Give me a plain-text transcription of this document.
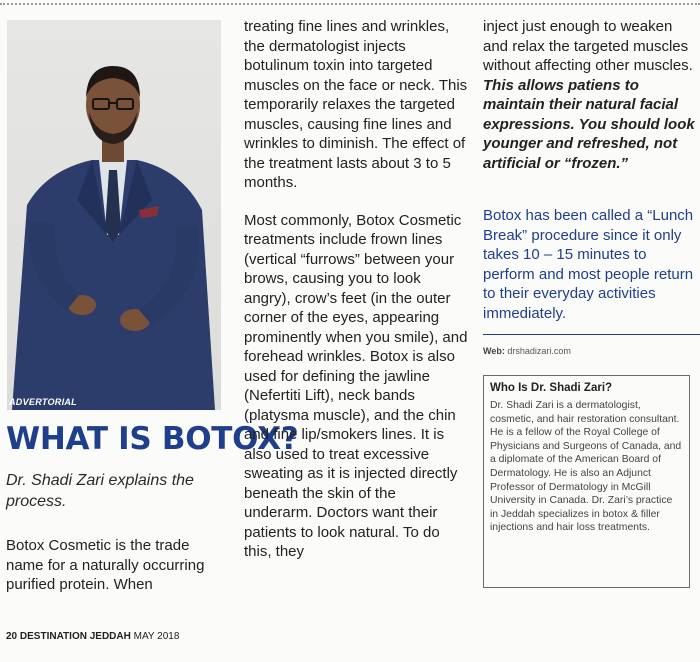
ADVERTORIAL
WHAT IS BOTOX?
Dr. Shadi Zari explains the process.
Botox Cosmetic is the trade name for a naturally occurring purified protein. When

treating fine lines and wrinkles, the dermatologist injects botulinum toxin into targeted muscles on the face or neck. This temporarily relaxes the targeted muscles, causing fine lines and wrinkles to diminish. The effect of the treatment lasts about 3 to 5 months.

Most commonly, Botox Cosmetic treatments include frown lines (vertical “furrows” between your brows, causing you to look angry), crow’s feet (in the outer corner of the eyes, appearing prominently when you smile), and forehead wrinkles. Botox is also used for defining the jawline (Nefertiti Lift), neck bands (platysma muscle), and the chin and fine lip/smokers lines. It is also used to treat excessive sweating as it is injected directly beneath the skin of the underarm. Doctors want their patients to look natural. To do this, they

inject just enough to weaken and relax the targeted muscles without affecting other muscles. This allows patiens to maintain their natural facial expressions. You should look younger and refreshed, not artificial or “frozen.”

Botox has been called a “Lunch Break” procedure since it only takes 10 – 15 minutes to perform and most people return to their everyday activities immediately.
Web: drshadizari.com
Who Is Dr. Shadi Zari?
Dr. Shadi Zari is a dermatologist, cosmetic, and hair restoration consultant. He is a fellow of the Royal College of Physicians and Surgeons of Canada, and a diplomate of the American Board of Dermatology. He is also an Adjunct Professor of Dermatology in McGill University in Canada. Dr. Zari’s practice in Jeddah specializes in botox & filler injections and hair loss treatments.
20 DESTINATION JEDDAH MAY 2018
